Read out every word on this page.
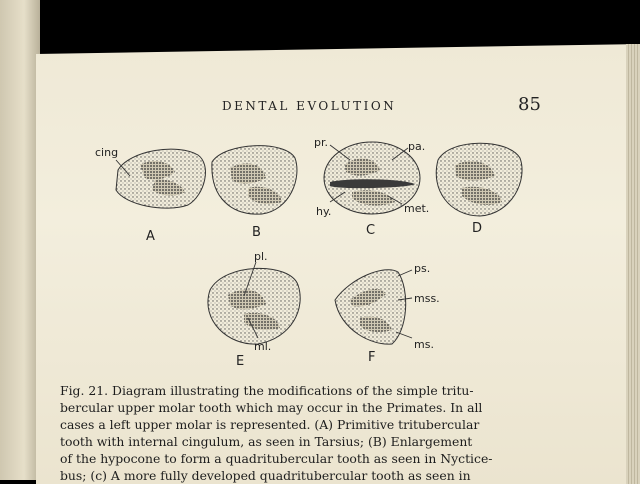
DENTAL EVOLUTION	85
cing
pr.	pa.
hy.	met.
pl.
ml.
ps.
mss.
ms.
A	B	C	D
E	F

Fig. 21. Diagram illustrating the modifications of the simple tritu-

bercular upper molar tooth which may occur in the Primates. In all

cases a left upper molar is represented. (A) Primitive tritubercular

tooth with internal cingulum, as seen in Tarsius; (B) Enlargement

of the hypocone to form a quadritubercular tooth as seen in Nyctice-

bus; (c) A more fully developed quadritubercular tooth as seen in
